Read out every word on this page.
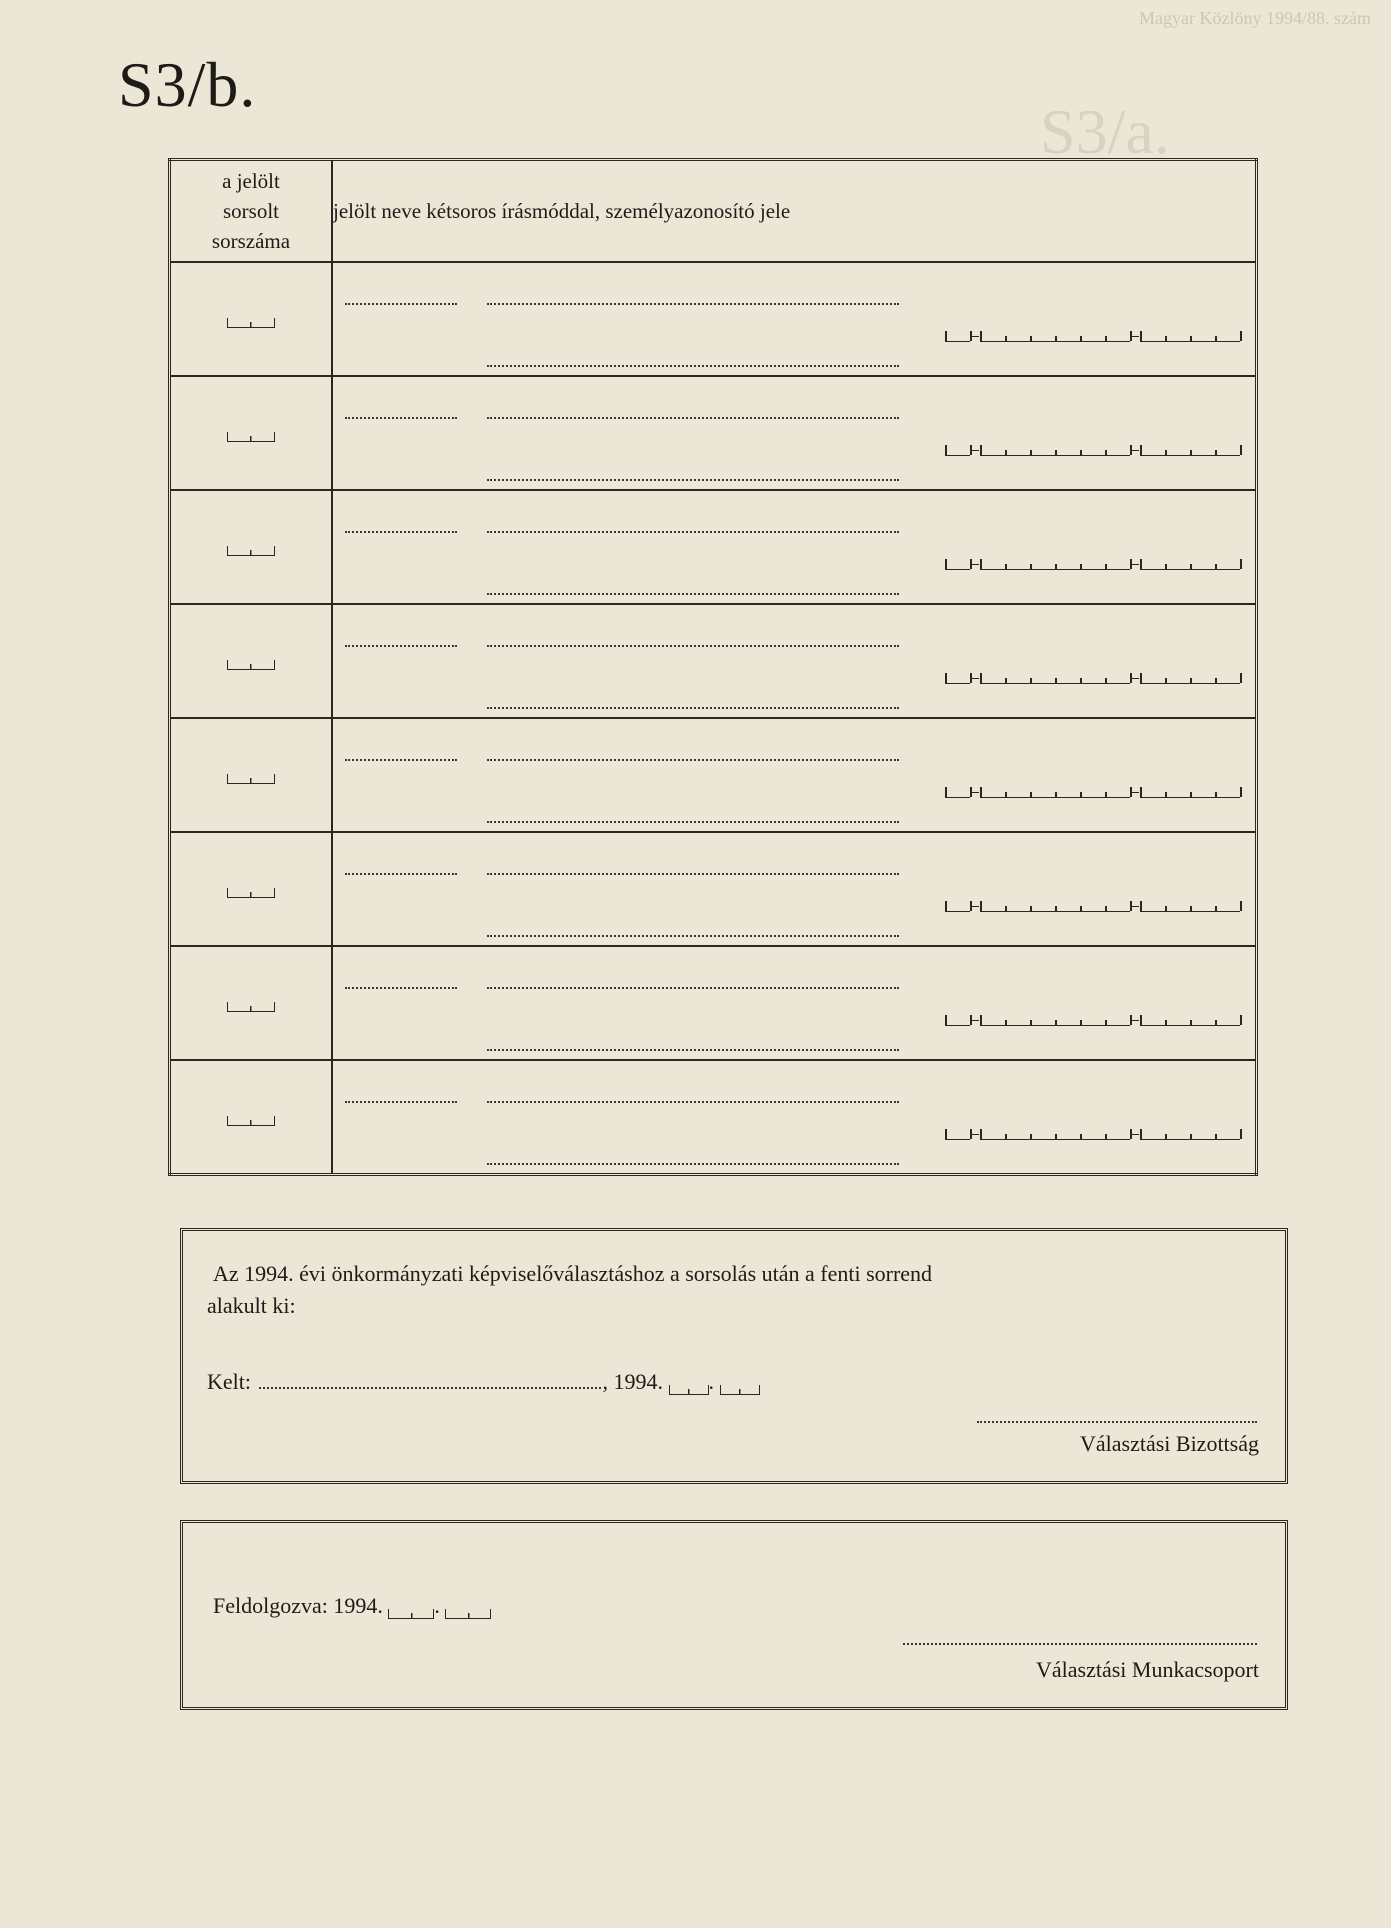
Magyar Közlöny 1994/88. szám
S3/a.
S3/b.
a jelölt
sorsolt
sorszáma	jelölt neve kétsoros írásmóddal, személyazonosító jele

Az 1994. évi önkormányzati képviselőválasztáshoz a sorsolás után a fenti sorrend
alakult ki:
Kelt:	, 1994. .
Választási Bizottság
Feldolgozva: 1994. .
Választási Munkacsoport
